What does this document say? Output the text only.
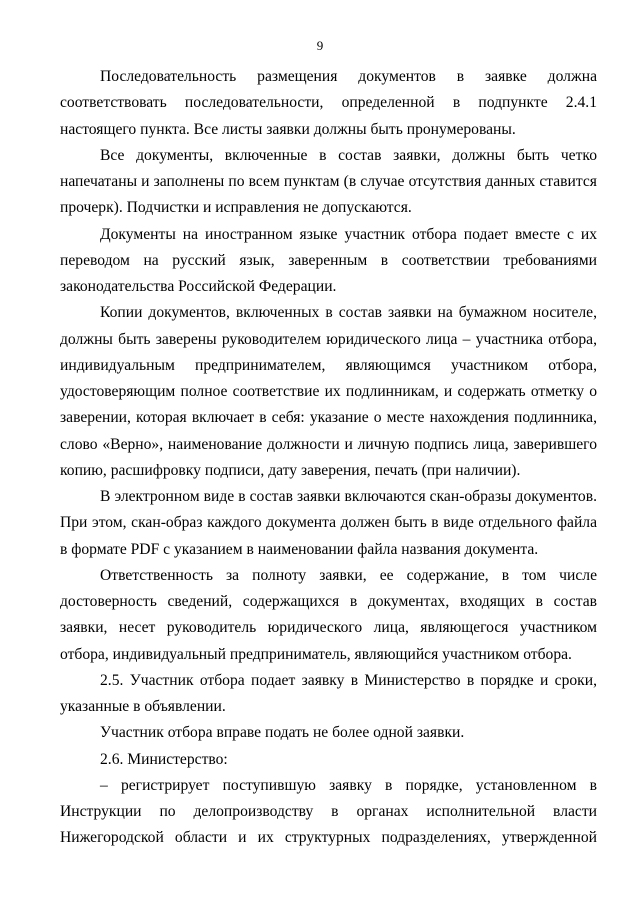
9

Последовательность размещения документов в заявке должна соответствовать последовательности, определенной в подпункте 2.4.1 настоящего пункта. Все листы заявки должны быть пронумерованы.

Все документы, включенные в состав заявки, должны быть четко напечатаны и заполнены по всем пунктам (в случае отсутствия данных ставится прочерк). Подчистки и исправления не допускаются.

Документы на иностранном языке участник отбора подает вместе с их переводом на русский язык, заверенным в соответствии требованиями законодательства Российской Федерации.

Копии документов, включенных в состав заявки на бумажном носителе, должны быть заверены руководителем юридического лица – участника отбора, индивидуальным предпринимателем, являющимся участником отбора, удостоверяющим полное соответствие их подлинникам, и содержать отметку о заверении, которая включает в себя: указание о месте нахождения подлинника, слово «Верно», наименование должности и личную подпись лица, заверившего копию, расшифровку подписи, дату заверения, печать (при наличии).

В электронном виде в состав заявки включаются скан-образы документов. При этом, скан-образ каждого документа должен быть в виде отдельного файла в формате PDF с указанием в наименовании файла названия документа.

Ответственность за полноту заявки, ее содержание, в том числе достоверность сведений, содержащихся в документах, входящих в состав заявки, несет руководитель юридического лица, являющегося участником отбора, индивидуальный предприниматель, являющийся участником отбора.

2.5. Участник отбора подает заявку в Министерство в порядке и сроки, указанные в объявлении.

Участник отбора вправе подать не более одной заявки.

2.6. Министерство:

– регистрирует поступившую заявку в порядке, установленном в Инструкции по делопроизводству в органах исполнительной власти Нижегородской области и их структурных подразделениях, утвержденной
